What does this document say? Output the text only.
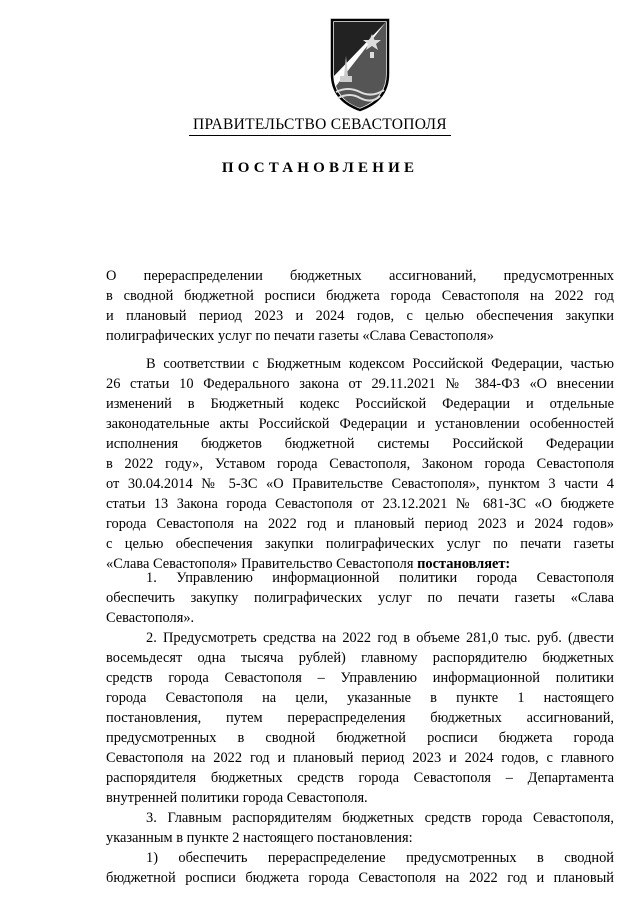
ПРАВИТЕЛЬСТВО СЕВАСТОПОЛЯ
ПОСТАНОВЛЕНИЕ
О перераспределении бюджетных ассигнований, предусмотренных
в сводной бюджетной росписи бюджета города Севастополя на 2022 год
и плановый период 2023 и 2024 годов, с целью обеспечения закупки
полиграфических услуг по печати газеты «Слава Севастополя»
В соответствии с Бюджетным кодексом Российской Федерации, частью
26 статьи 10 Федерального закона от 29.11.2021 № 384-ФЗ «О внесении
изменений в Бюджетный кодекс Российской Федерации и отдельные
законодательные акты Российской Федерации и установлении особенностей
исполнения бюджетов бюджетной системы Российской Федерации
в 2022 году», Уставом города Севастополя, Законом города Севастополя
от 30.04.2014 № 5-ЗС «О Правительстве Севастополя», пунктом 3 части 4
статьи 13 Закона города Севастополя от 23.12.2021 № 681-ЗС «О бюджете
города Севастополя на 2022 год и плановый период 2023 и 2024 годов»
с целью обеспечения закупки полиграфических услуг по печати газеты
«Слава Севастополя» Правительство Севастополя постановляет:
1. Управлению информационной политики города Севастополя
обеспечить закупку полиграфических услуг по печати газеты «Слава
Севастополя».
2. Предусмотреть средства на 2022 год в объеме 281,0 тыс. руб. (двести
восемьдесят одна тысяча рублей) главному распорядителю бюджетных
средств города Севастополя – Управлению информационной политики
города Севастополя на цели, указанные в пункте 1 настоящего
постановления, путем перераспределения бюджетных ассигнований,
предусмотренных в сводной бюджетной росписи бюджета города
Севастополя на 2022 год и плановый период 2023 и 2024 годов, с главного
распорядителя бюджетных средств города Севастополя – Департамента
внутренней политики города Севастополя.
3. Главным распорядителям бюджетных средств города Севастополя,
указанным в пункте 2 настоящего постановления:
1) обеспечить перераспределение предусмотренных в сводной
бюджетной росписи бюджета города Севастополя на 2022 год и плановый
